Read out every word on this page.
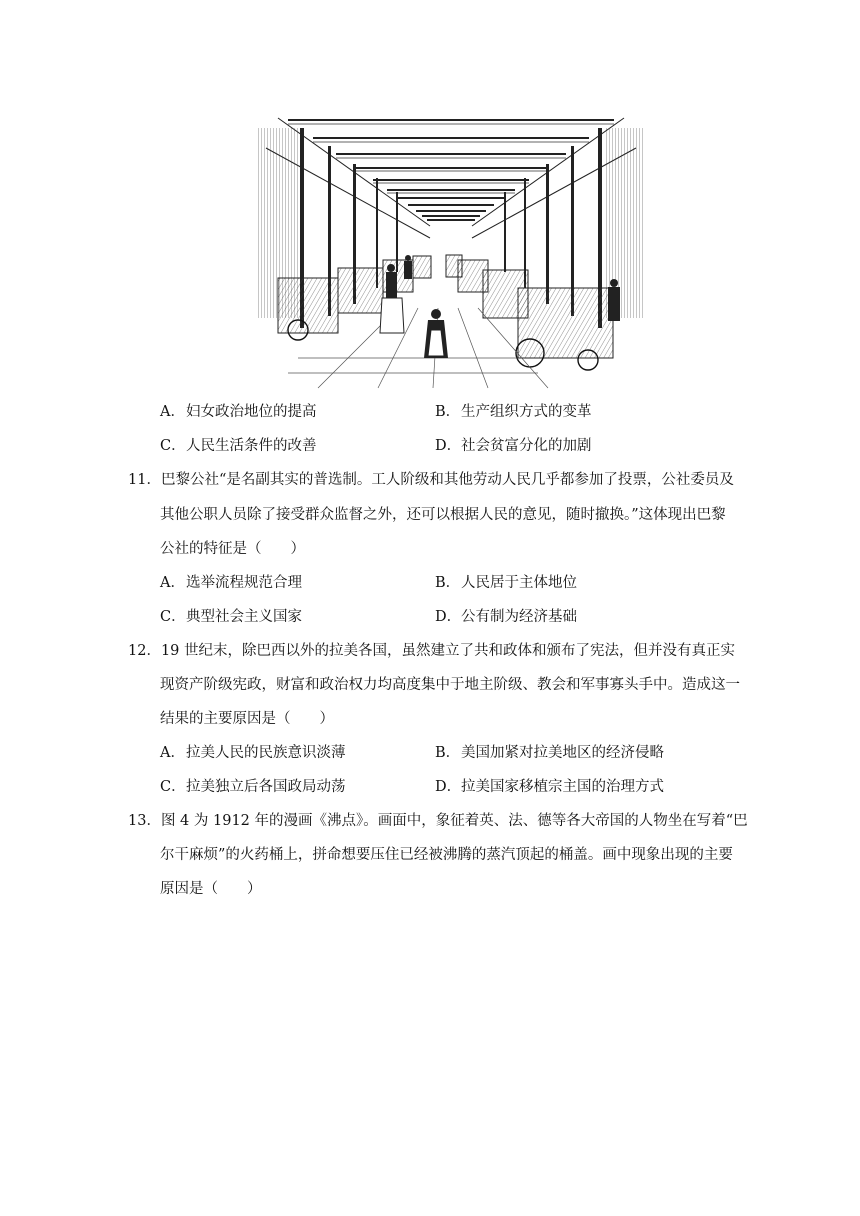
A．妇女政治地位的提高	B．生产组织方式的变革
C．人民生活条件的改善	D．社会贫富分化的加剧
11．巴黎公社“是名副其实的普选制。工人阶级和其他劳动人民几乎都参加了投票，公社委员及
其他公职人员除了接受群众监督之外，还可以根据人民的意见，随时撤换。”这体现出巴黎
公社的特征是（　　）
A．选举流程规范合理	B．人民居于主体地位
C．典型社会主义国家	D．公有制为经济基础
12．19 世纪末，除巴西以外的拉美各国，虽然建立了共和政体和颁布了宪法，但并没有真正实
现资产阶级宪政，财富和政治权力均高度集中于地主阶级、教会和军事寡头手中。造成这一
结果的主要原因是（　　）
A．拉美人民的民族意识淡薄	B．美国加紧对拉美地区的经济侵略
C．拉美独立后各国政局动荡	D．拉美国家移植宗主国的治理方式
13．图 4 为 1912 年的漫画《沸点》。画面中，象征着英、法、德等各大帝国的人物坐在写着“巴
尔干麻烦”的火药桶上，拼命想要压住已经被沸腾的蒸汽顶起的桶盖。画中现象出现的主要
原因是（　　）
